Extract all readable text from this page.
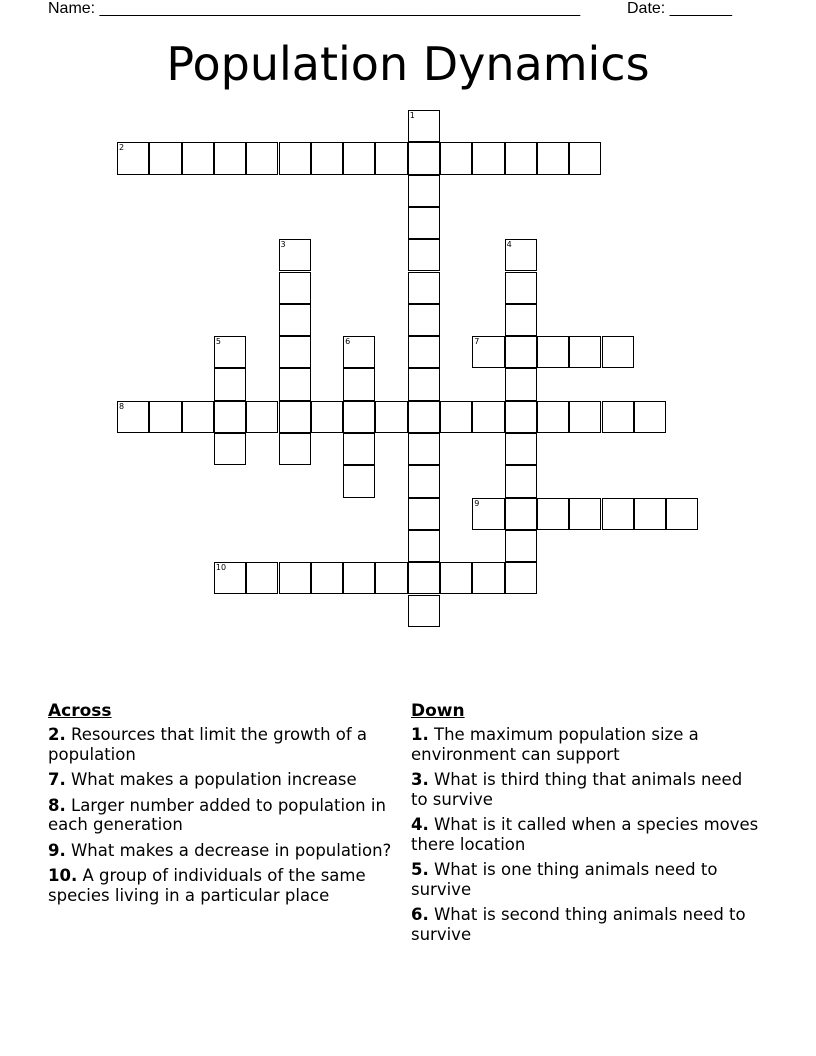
Name: ______________________________________________________	Date: _______
Population Dynamics
1
2
3	4
5	6	7
8
9
10
Across
2. Resources that limit the growth of a population
7. What makes a population increase
8. Larger number added to population in each generation
9. What makes a decrease in population?
10. A group of individuals of the same species living in a particular place
Down
1. The maximum population size a environment can support
3. What is third thing that animals need to survive
4. What is it called when a species moves there location
5. What is one thing animals need to survive
6. What is second thing animals need to survive
